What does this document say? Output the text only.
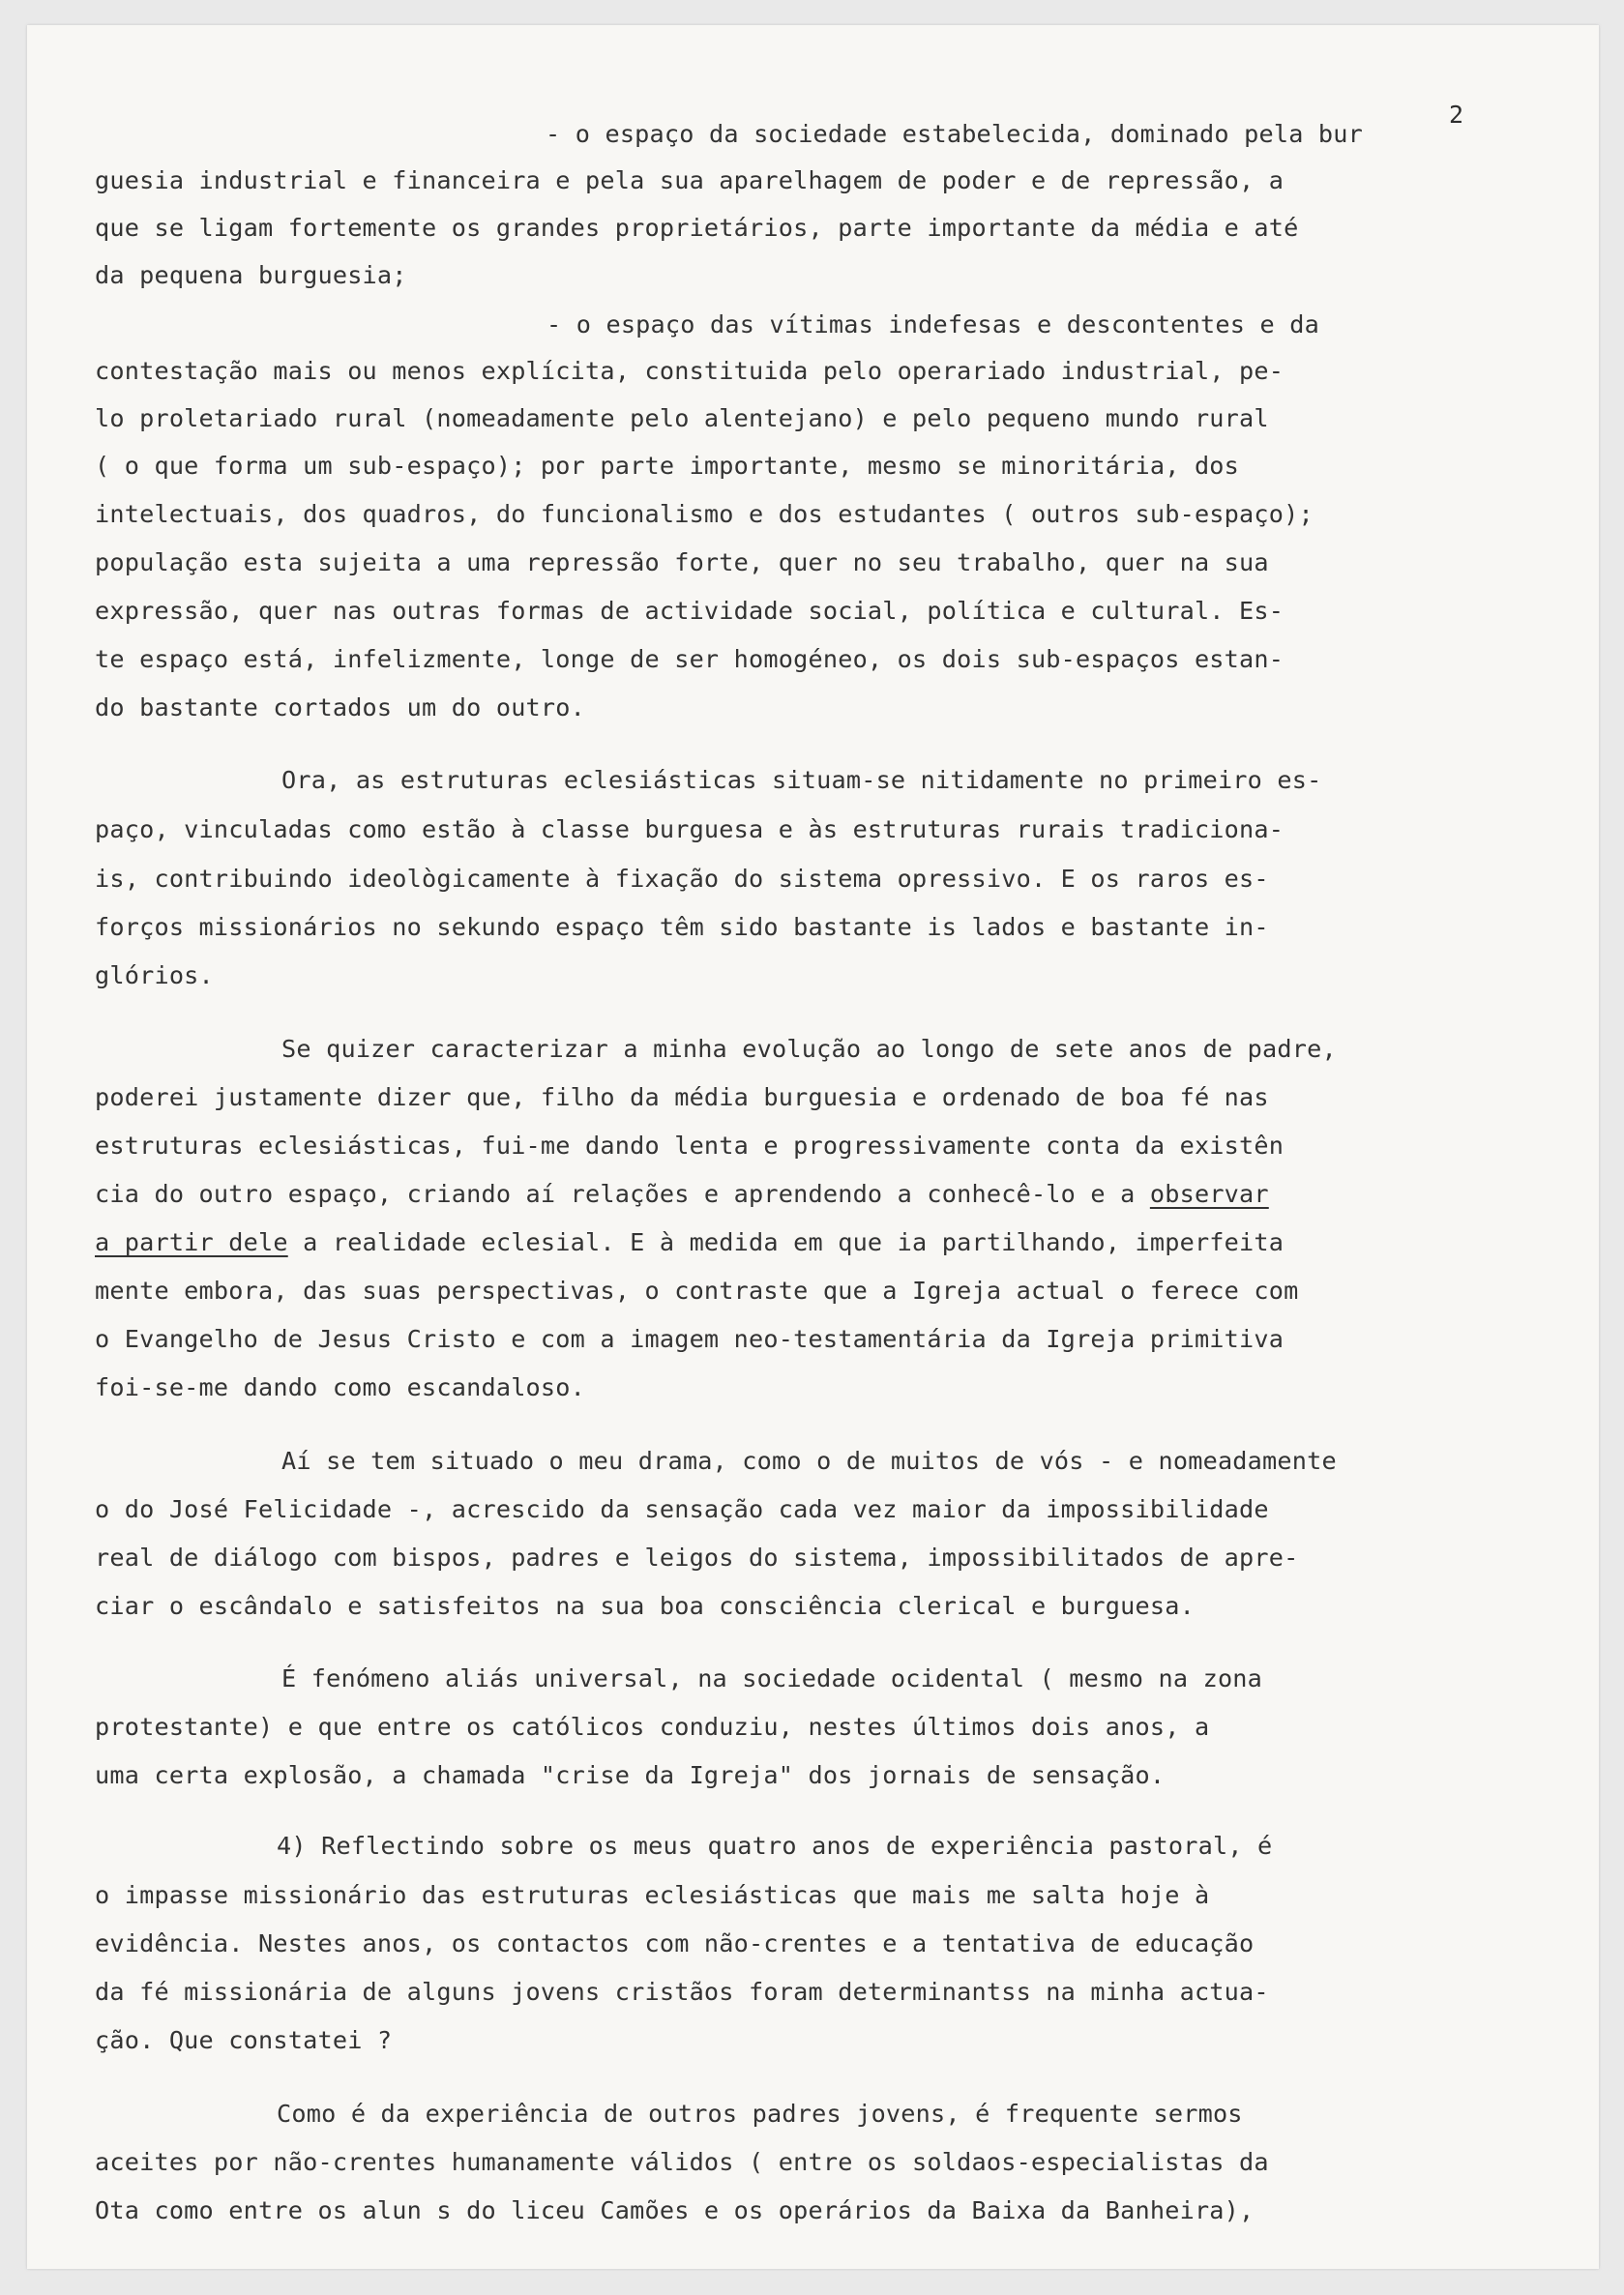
2
- o espaço da sociedade estabelecida, dominado pela bur
guesia industrial e financeira e pela sua aparelhagem de poder e de repressão, a
que se ligam fortemente os grandes proprietários, parte importante da média e até
da pequena burguesia;
- o espaço das vítimas indefesas e descontentes e da
contestação mais ou menos explícita, constituida pelo operariado industrial, pe-
lo proletariado rural (nomeadamente pelo alentejano) e pelo pequeno mundo rural
( o que forma um sub-espaço); por parte importante, mesmo se minoritária, dos
intelectuais, dos quadros, do funcionalismo e dos estudantes ( outros sub-espaço);
população esta sujeita a uma repressão forte, quer no seu trabalho, quer na sua
expressão, quer nas outras formas de actividade social, política e cultural. Es-
te espaço está, infelizmente, longe de ser homogéneo, os dois sub-espaços estan-
do bastante cortados um do outro.
Ora, as estruturas eclesiásticas situam-se nitidamente no primeiro es-
paço, vinculadas como estão à classe burguesa e às estruturas rurais tradiciona-
is, contribuindo ideològicamente à fixação do sistema opressivo. E os raros es-
forços missionários no sekundo espaço têm sido bastante is lados e bastante in-
glórios.
Se quizer caracterizar a minha evolução ao longo de sete anos de padre,
poderei justamente dizer que, filho da média burguesia e ordenado de boa fé nas
estruturas eclesiásticas, fui-me dando lenta e progressivamente conta da existên
cia do outro espaço, criando aí relações e aprendendo a conhecê-lo e a observar
a partir dele a realidade eclesial. E à medida em que ia partilhando, imperfeita
mente embora, das suas perspectivas, o contraste que a Igreja actual o ferece com
o Evangelho de Jesus Cristo e com a imagem neo-testamentária da Igreja primitiva
foi-se-me dando como escandaloso.
Aí se tem situado o meu drama, como o de muitos de vós - e nomeadamente
o do José Felicidade -, acrescido da sensação cada vez maior da impossibilidade
real de diálogo com bispos, padres e leigos do sistema, impossibilitados de apre-
ciar o escândalo e satisfeitos na sua boa consciência clerical e burguesa.
É fenómeno aliás universal, na sociedade ocidental ( mesmo na zona
protestante) e que entre os católicos conduziu, nestes últimos dois anos, a
uma certa explosão, a chamada "crise da Igreja" dos jornais de sensação.
4) Reflectindo sobre os meus quatro anos de experiência pastoral, é
o impasse missionário das estruturas eclesiásticas que mais me salta hoje à
evidência. Nestes anos, os contactos com não-crentes e a tentativa de educação
da fé missionária de alguns jovens cristãos foram determinantss na minha actua-
ção. Que constatei ?
Como é da experiência de outros padres jovens, é frequente sermos
aceites por não-crentes humanamente válidos ( entre os soldaos-especialistas da
Ota como entre os alun s do liceu Camões e os operários da Baixa da Banheira),
